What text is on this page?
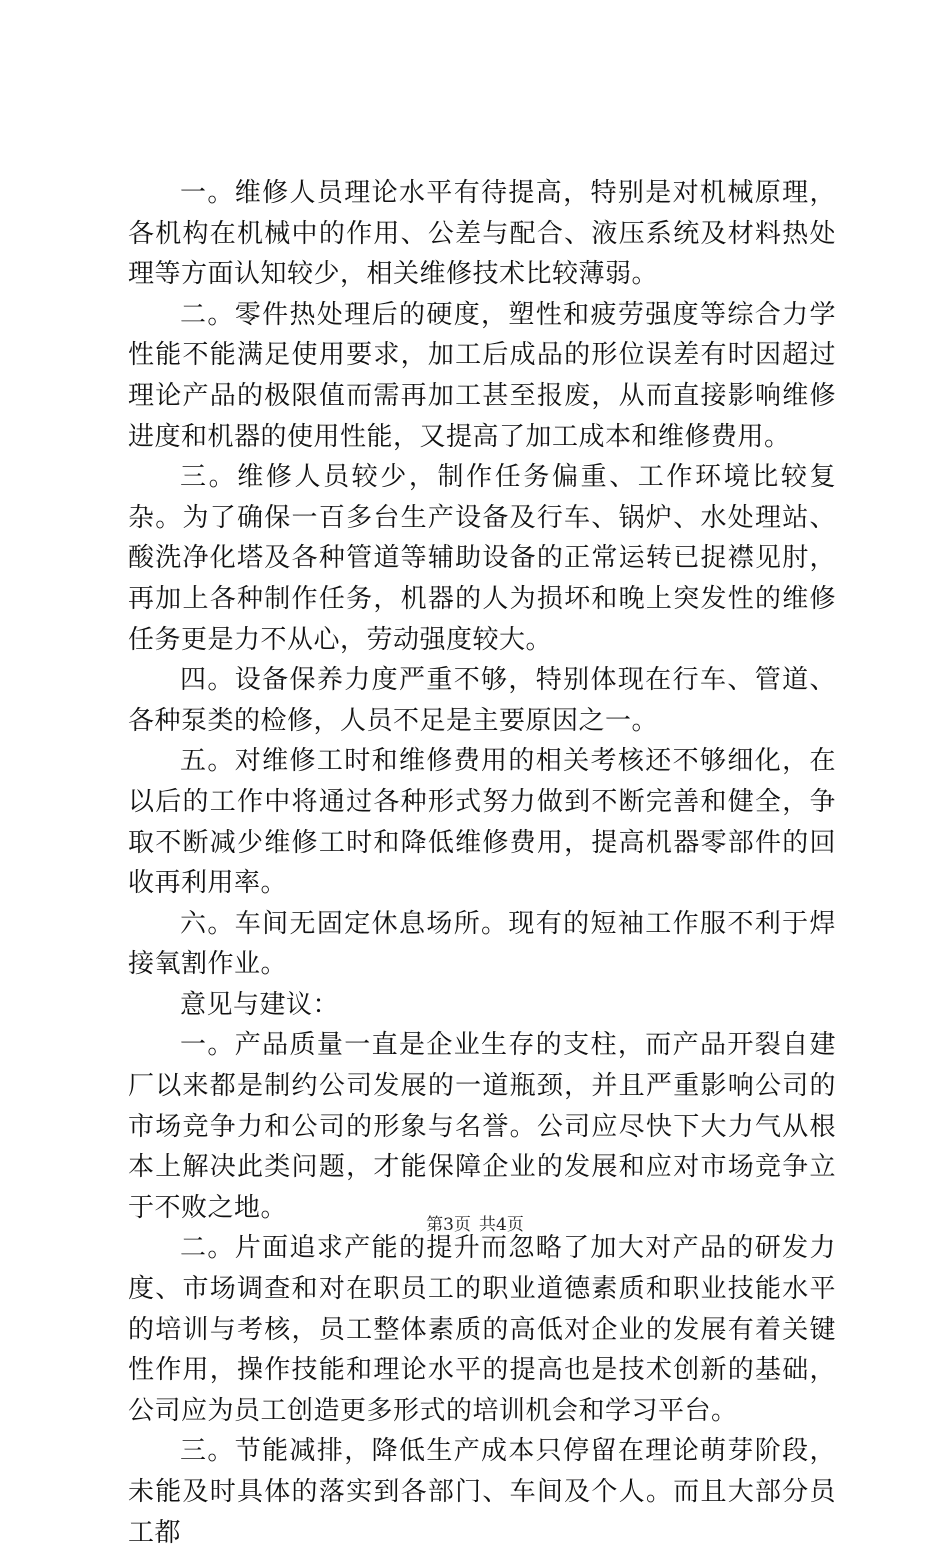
一。维修人员理论水平有待提高，特别是对机械原理，各机构在机械中的作用、公差与配合、液压系统及材料热处理等方面认知较少，相关维修技术比较薄弱。

二。零件热处理后的硬度，塑性和疲劳强度等综合力学性能不能满足使用要求，加工后成品的形位误差有时因超过理论产品的极限值而需再加工甚至报废，从而直接影响维修进度和机器的使用性能，又提高了加工成本和维修费用。

三。维修人员较少，制作任务偏重、工作环境比较复杂。为了确保一百多台生产设备及行车、锅炉、水处理站、酸洗净化塔及各种管道等辅助设备的正常运转已捉襟见肘，再加上各种制作任务，机器的人为损坏和晚上突发性的维修任务更是力不从心，劳动强度较大。

四。设备保养力度严重不够，特别体现在行车、管道、各种泵类的检修，人员不足是主要原因之一。

五。对维修工时和维修费用的相关考核还不够细化，在以后的工作中将通过各种形式努力做到不断完善和健全，争取不断减少维修工时和降低维修费用，提高机器零部件的回收再利用率。

六。车间无固定休息场所。现有的短袖工作服不利于焊接氧割作业。

意见与建议：

一。产品质量一直是企业生存的支柱，而产品开裂自建厂以来都是制约公司发展的一道瓶颈，并且严重影响公司的市场竞争力和公司的形象与名誉。公司应尽快下大力气从根本上解决此类问题，才能保障企业的发展和应对市场竞争立于不败之地。

二。片面追求产能的提升而忽略了加大对产品的研发力度、市场调查和对在职员工的职业道德素质和职业技能水平的培训与考核，员工整体素质的高低对企业的发展有着关键性作用，操作技能和理论水平的提高也是技术创新的基础，公司应为员工创造更多形式的培训机会和学习平台。

三。节能减排，降低生产成本只停留在理论萌芽阶段，未能及时具体的落实到各部门、车间及个人。而且大部分员工都

第3页 共4页
